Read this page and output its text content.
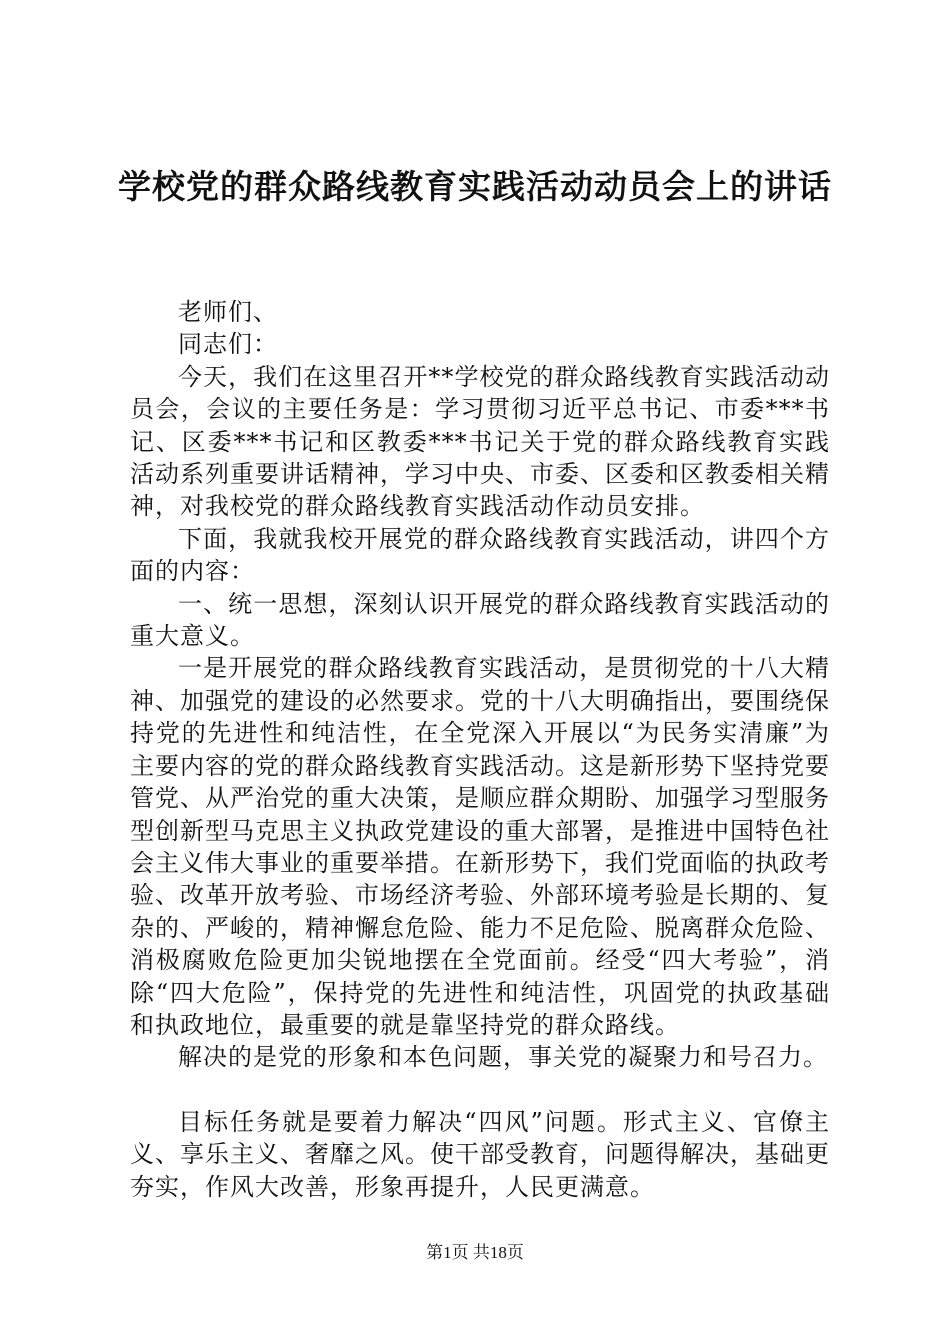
学校党的群众路线教育实践活动动员会上的讲话

老师们、

同志们：

今天，我们在这里召开**学校党的群众路线教育实践活动动员会，会议的主要任务是：学习贯彻习近平总书记、市委***书记、区委***书记和区教委***书记关于党的群众路线教育实践活动系列重要讲话精神，学习中央、市委、区委和区教委相关精神，对我校党的群众路线教育实践活动作动员安排。

下面，我就我校开展党的群众路线教育实践活动，讲四个方面的内容：

一、统一思想，深刻认识开展党的群众路线教育实践活动的重大意义。

一是开展党的群众路线教育实践活动，是贯彻党的十八大精神、加强党的建设的必然要求。党的十八大明确指出，要围绕保持党的先进性和纯洁性，在全党深入开展以“为民务实清廉”为主要内容的党的群众路线教育实践活动。这是新形势下坚持党要管党、从严治党的重大决策，是顺应群众期盼、加强学习型服务型创新型马克思主义执政党建设的重大部署，是推进中国特色社会主义伟大事业的重要举措。在新形势下，我们党面临的执政考验、改革开放考验、市场经济考验、外部环境考验是长期的、复杂的、严峻的，精神懈怠危险、能力不足危险、脱离群众危险、消极腐败危险更加尖锐地摆在全党面前。经受“四大考验”，消除“四大危险”，保持党的先进性和纯洁性，巩固党的执政基础和执政地位，最重要的就是靠坚持党的群众路线。

解决的是党的形象和本色问题，事关党的凝聚力和号召力。

目标任务就是要着力解决“四风”问题。形式主义、官僚主义、享乐主义、奢靡之风。使干部受教育，问题得解决，基础更夯实，作风大改善，形象再提升，人民更满意。

第1页 共18页
